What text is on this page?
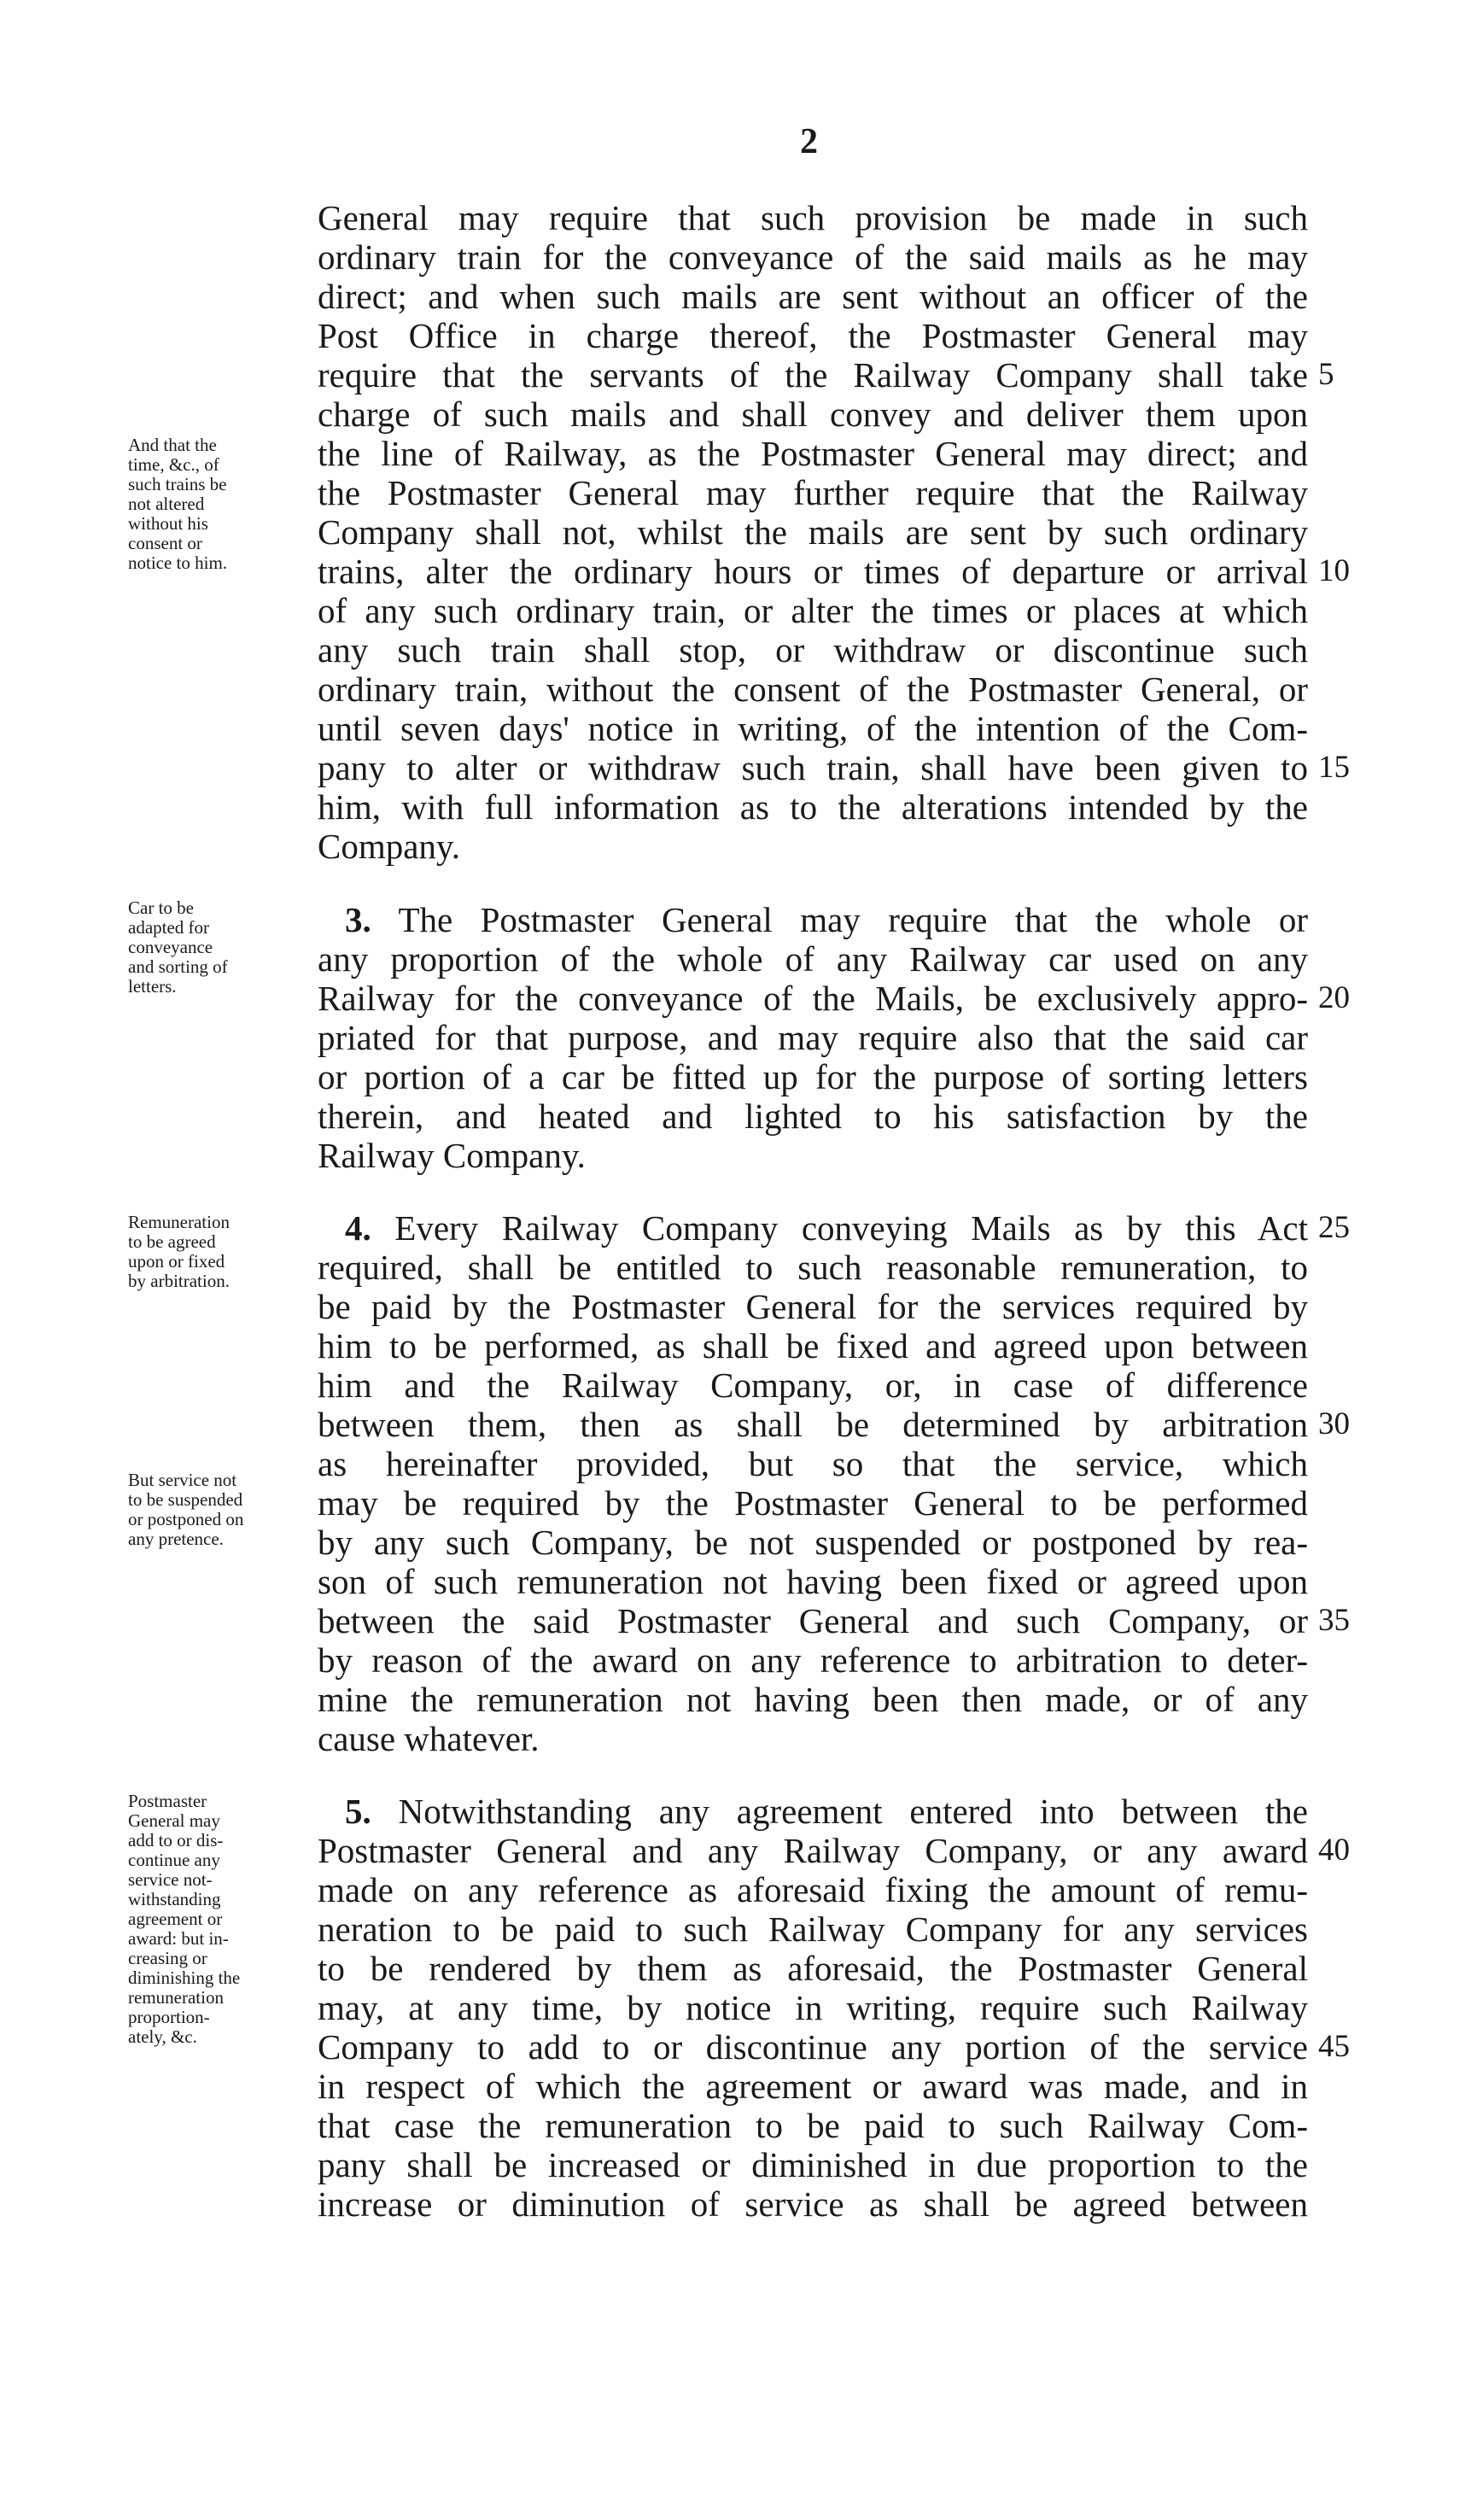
2
General may require that such provision be made in such
ordinary train for the conveyance of the said mails as he may
direct; and when such mails are sent without an officer of the
Post Office in charge thereof, the Postmaster General may
require that the servants of the Railway Company shall take 5
charge of such mails and shall convey and deliver them upon
the line of Railway, as the Postmaster General may direct; and
the Postmaster General may further require that the Railway
Company shall not, whilst the mails are sent by such ordinary
trains, alter the ordinary hours or times of departure or arrival 10
of any such ordinary train, or alter the times or places at which
any such train shall stop, or withdraw or discontinue such
ordinary train, without the consent of the Postmaster General, or
until seven days' notice in writing, of the intention of the Com-
pany to alter or withdraw such train, shall have been given to 15
him, with full information as to the alterations intended by the
Company.
3. The Postmaster General may require that the whole or
any proportion of the whole of any Railway car used on any
Railway for the conveyance of the Mails, be exclusively appro- 20
priated for that purpose, and may require also that the said car
or portion of a car be fitted up for the purpose of sorting letters
therein, and heated and lighted to his satisfaction by the
Railway Company.
4. Every Railway Company conveying Mails as by this Act 25
required, shall be entitled to such reasonable remuneration, to
be paid by the Postmaster General for the services required by
him to be performed, as shall be fixed and agreed upon between
him and the Railway Company, or, in case of difference
between them, then as shall be determined by arbitration 30
as hereinafter provided, but so that the service, which
may be required by the Postmaster General to be performed
by any such Company, be not suspended or postponed by rea-
son of such remuneration not having been fixed or agreed upon
between the said Postmaster General and such Company, or 35
by reason of the award on any reference to arbitration to deter-
mine the remuneration not having been then made, or of any
cause whatever.
5. Notwithstanding any agreement entered into between the
Postmaster General and any Railway Company, or any award 40
made on any reference as aforesaid fixing the amount of remu-
neration to be paid to such Railway Company for any services
to be rendered by them as aforesaid, the Postmaster General
may, at any time, by notice in writing, require such Railway
Company to add to or discontinue any portion of the service 45
in respect of which the agreement or award was made, and in
that case the remuneration to be paid to such Railway Com-
pany shall be increased or diminished in due proportion to the
increase or diminution of service as shall be agreed between
And that the
time, &c., of
such trains be
not altered
without his
consent or
notice to him.
Car to be
adapted for
conveyance
and sorting of
letters.
Remuneration
to be agreed
upon or fixed
by arbitration.
But service not
to be suspended
or postponed on
any pretence.
Postmaster
General may
add to or dis-
continue any
service not-
withstanding
agreement or
award: but in-
creasing or
diminishing the
remuneration
proportion-
ately, &c.
